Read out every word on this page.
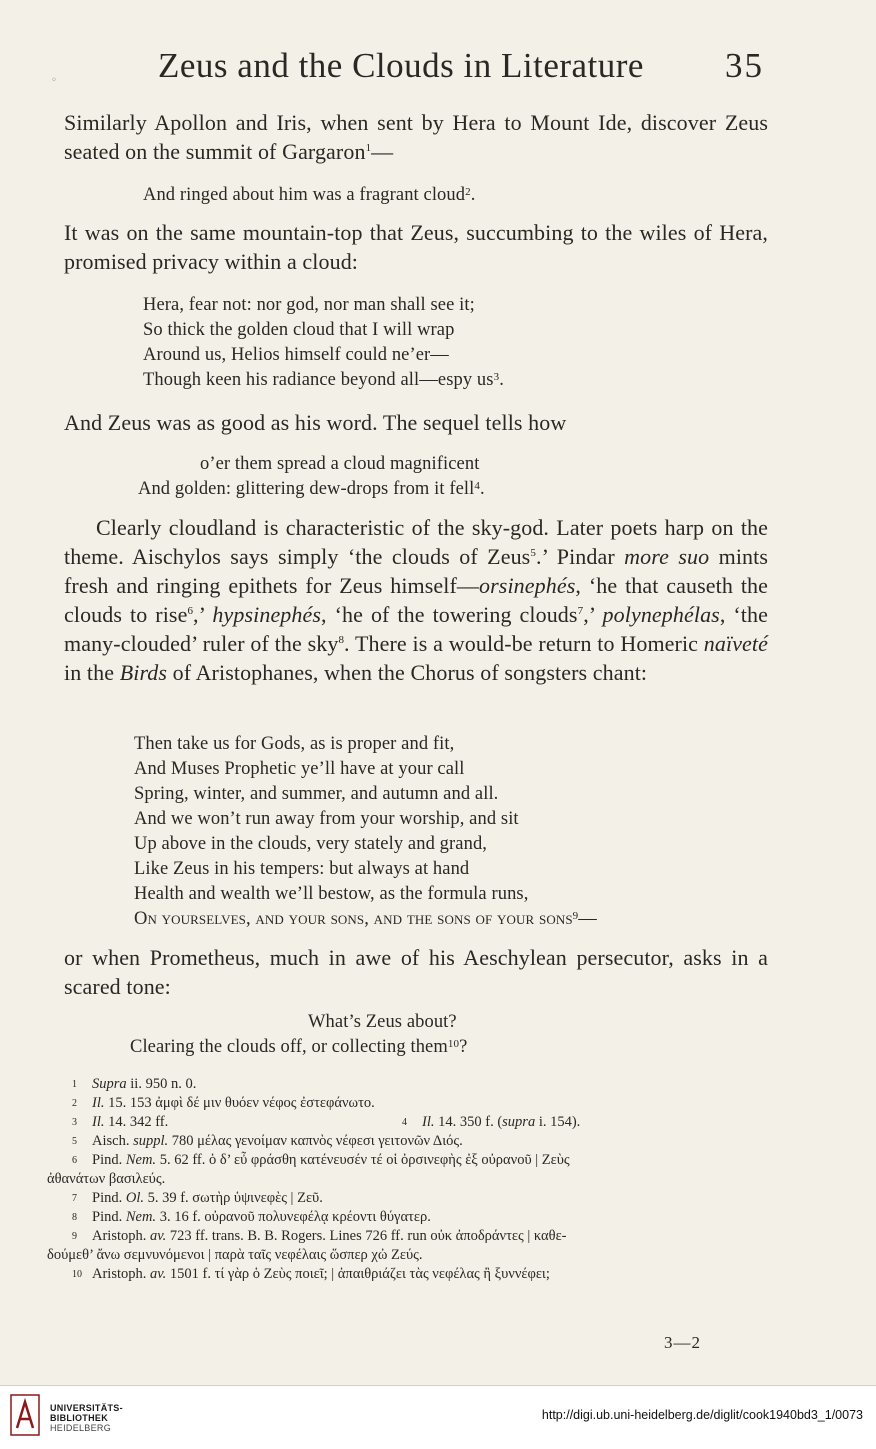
Zeus and the Clouds in Literature 35
◦
Similarly Apollon and Iris, when sent by Hera to Mount Ide, discover Zeus seated on the summit of Gargaron$^1$—
And ringed about him was a fragrant cloud$^2$.
It was on the same mountain-top that Zeus, succumbing to the wiles of Hera, promised privacy within a cloud:
Hera, fear not: nor god, nor man shall see it;
So thick the golden cloud that I will wrap
Around us, Helios himself could ne’er—
Though keen his radiance beyond all—espy $us^3$.
And Zeus was as good as his word. The sequel tells how
o’er them spread a cloud magnificent
And golden: glittering dew-drops from it fell$^4$.
Clearly cloudland is characteristic of the sky-god. Later poets harp on the theme. Aischylos says simply ‘the clouds of Zeus$^5$.’ Pindar more suo mints fresh and ringing epithets for Zeus himself—orsinephés, ‘he that causeth the clouds to rise$^6$,’ hypsinephés, ‘he of the towering clouds$^7$,’ polynephélas, ‘the many-clouded’ ruler of the sky$^8$. There is a would-be return to Homeric naïveté in the Birds of Aristophanes, when the Chorus of songsters chant:
Then take us for Gods, as is proper and fit,
And Muses Prophetic ye’ll have at your call
Spring, winter, and summer, and autumn and all.
And we won’t run away from your worship, and sit
Up above in the clouds, very stately and grand,
Like Zeus in his tempers: but always at hand
Health and wealth we’ll bestow, as the formula runs,
On yourselves, and your sons, and the sons of your sons$^9$—
or when Prometheus, much in awe of his Aeschylean persecutor, asks in a scared tone:
What’s Zeus about?
Clearing the clouds off, or collecting them$^{10}$?
1 Supra ii. 950 n. 0.
2 Il. 15. 153 ἀμφὶ δέ μιν θυόεν νέφος ἐστεφάνωτο.
3 Il. 14. 342 ff.	4 Il. 14. 350 f. (supra i. 154).
5 Aisch. suppl. 780 μέλας γενοίμαν καπνὸς νέφεσι γειτονῶν Διός.
6 Pind. Nem. 5. 62 ff. ὁ δ’ εὖ φράσθη κατένευσέν τέ οἱ ὀρσινεφὴς ἐξ οὐρανοῦ | Ζεὺς
ἀθανάτων βασιλεύς.
7 Pind. Ol. 5. 39 f. σωτὴρ ὑψινεφὲς | Ζεῦ.
8 Pind. Nem. 3. 16 f. οὐρανοῦ πολυνεφέλᾳ κρέοντι θύγατερ.
9 Aristoph. av. 723 ff. trans. B. B. Rogers. Lines 726 ff. run οὐκ ἀποδράντες | καθε-
δούμεθ’ ἄνω σεμνυνόμενοι | παρὰ ταῖς νεφέλαις ὥσπερ χὠ Ζεύς.
10 Aristoph. av. 1501 f. τί γὰρ ὁ Ζεὺς ποιεῖ; | ἀπαιθριάζει τὰς νεφέλας ἢ ξυννέφει;
3—2
UNIVERSITÄTS-
BIBLIOTHEK
HEIDELBERG
http://digi.ub.uni-heidelberg.de/diglit/cook1940bd3_1/0073
